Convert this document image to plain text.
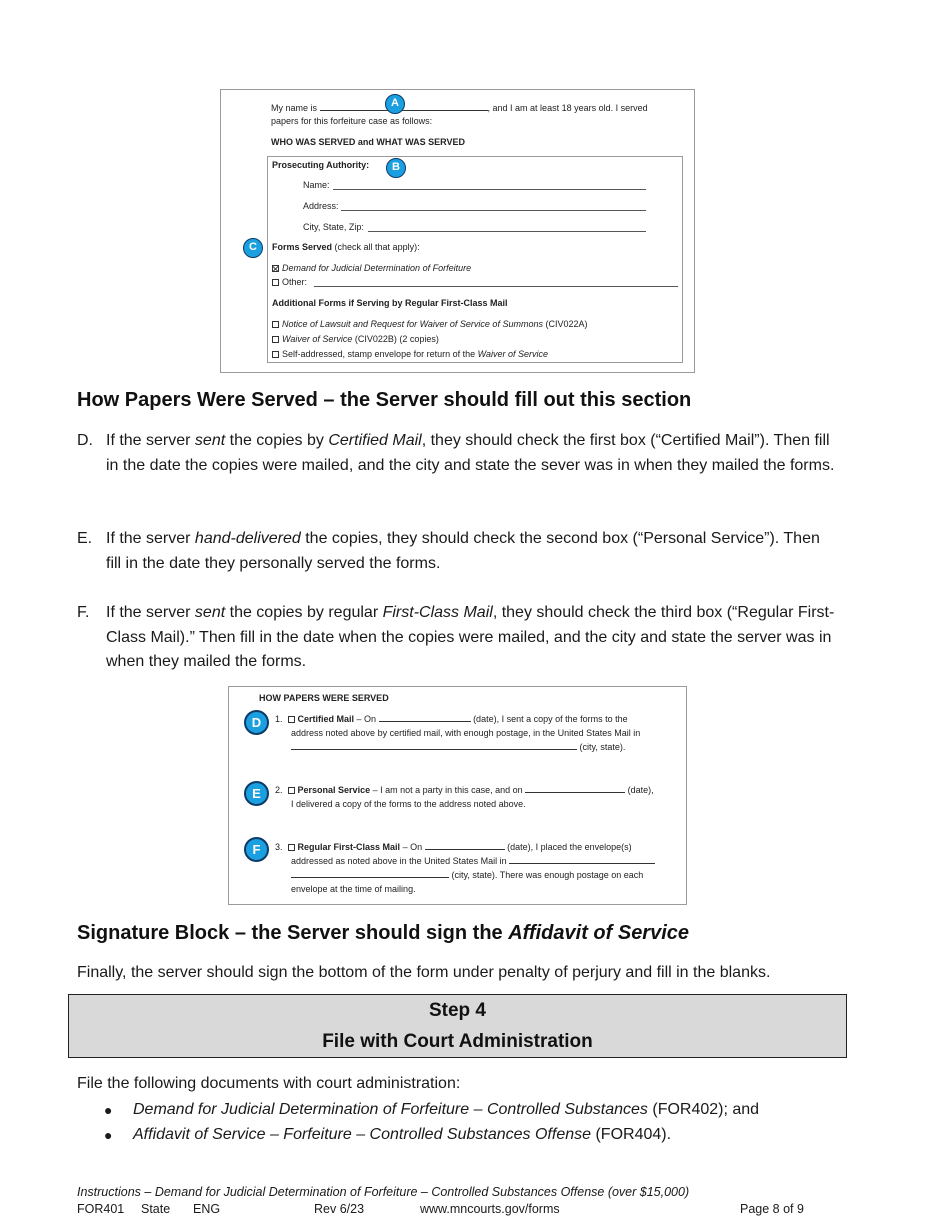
My name is	, and I am at least 18 years old. I served
papers for this forfeiture case as follows:
WHO WAS SERVED and WHAT WAS SERVED
Prosecuting Authority:
Name:
Address:
City, State, Zip:
Forms Served (check all that apply):
Demand for Judicial Determination of Forfeiture
Other:
Additional Forms if Serving by Regular First-Class Mail
Notice of Lawsuit and Request for Waiver of Service of Summons (CIV022A)
Waiver of Service (CIV022B) (2 copies)
Self-addressed, stamp envelope for return of the Waiver of Service
A
B
C
How Papers Were Served – the Server should fill out this section
D. If the server sent the copies by Certified Mail, they should check the first box (“Certified Mail”). Then fill in the date the copies were mailed, and the city and state the sever was in when they mailed the forms.
E. If the server hand-delivered the copies, they should check the second box (“Personal Service”). Then fill in the date they personally served the forms.
F. If the server sent the copies by regular First-Class Mail, they should check the third box (“Regular First-Class Mail).” Then fill in the date when the copies were mailed, and the city and state the server was in when they mailed the forms.
HOW PAPERS WERE SERVED
1. Certified Mail – On	(date), I sent a copy of the forms to the
address noted above by certified mail, with enough postage, in the United States Mail in
(city, state).
2. Personal Service – I am not a party in this case, and on	(date),
I delivered a copy of the forms to the address noted above.
3. Regular First-Class Mail – On	(date), I placed the envelope(s)
addressed as noted above in the United States Mail in
(city, state). There was enough postage on each
envelope at the time of mailing.
D
E
F
Signature Block – the Server should sign the Affidavit of Service
Finally, the server should sign the bottom of the form under penalty of perjury and fill in the blanks.
Step 4
File with Court Administration
File the following documents with court administration:
● Demand for Judicial Determination of Forfeiture – Controlled Substances (FOR402); and
● Affidavit of Service – Forfeiture – Controlled Substances Offense (FOR404).
Instructions – Demand for Judicial Determination of Forfeiture – Controlled Substances Offense (over $15,000)
FOR401 State ENG	Rev 6/23	www.mncourts.gov/forms	Page 8 of 9
